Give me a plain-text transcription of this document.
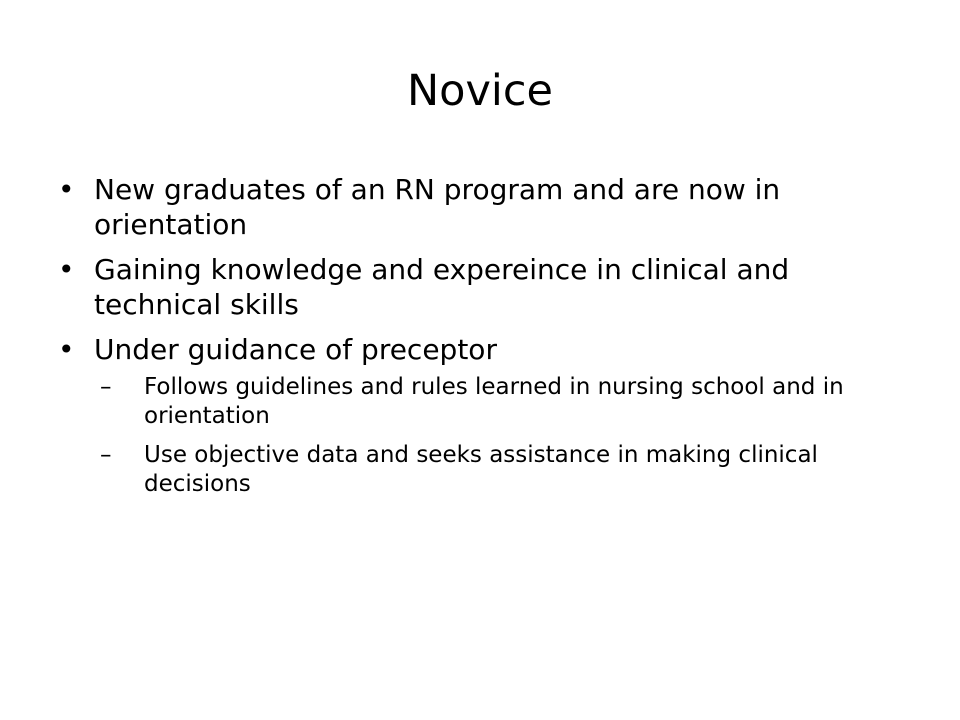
Novice
• New graduates of an RN program and are now in orientation
• Gaining knowledge and expereince in clinical and technical skills
• Under guidance of preceptor
–	Follows guidelines and rules learned in nursing school and in orientation
–	Use objective data and seeks assistance in making clinical decisions
